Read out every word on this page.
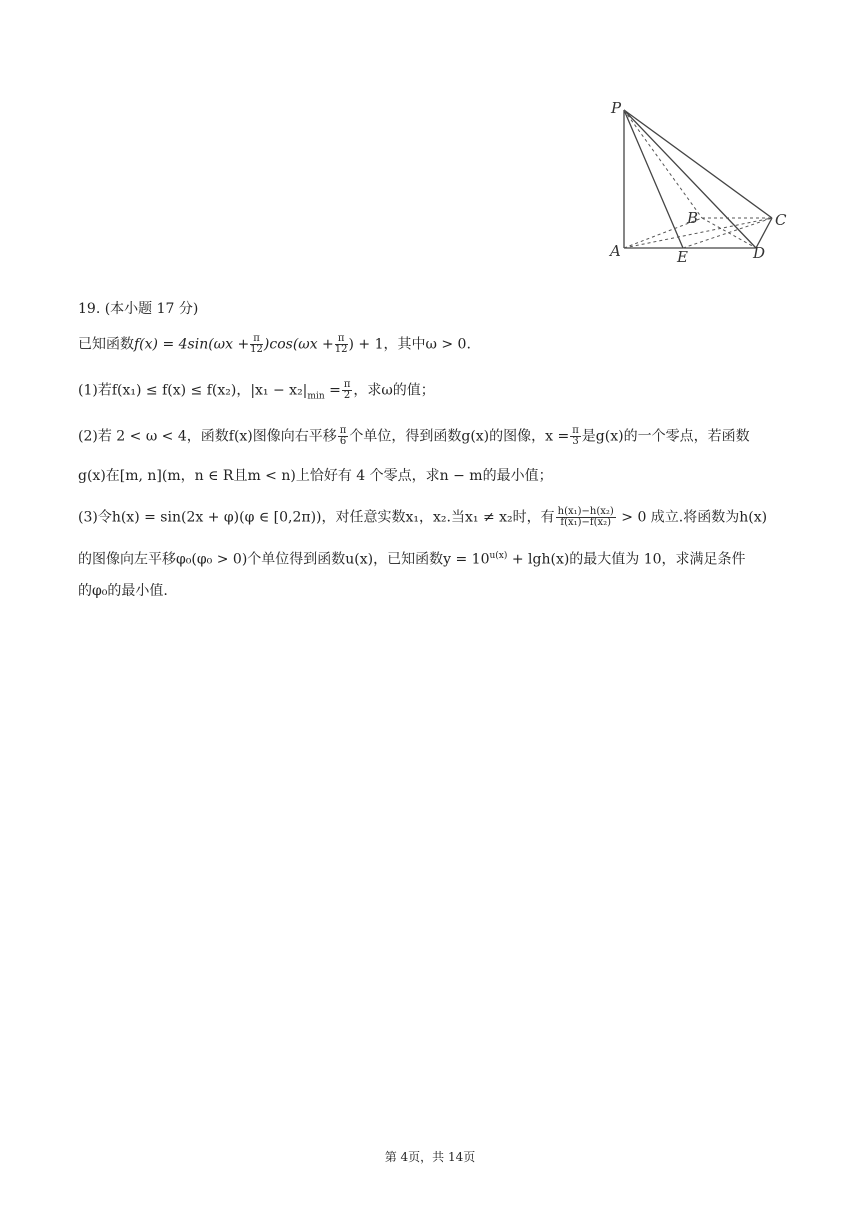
P
A	E	D
B	C
19. (本小题 17 分)
已知函数$f(x) = 4\sin(\omega x + \frac{\pi}{12} )\cos(\omega x + \frac{\pi}{12}$ ) + 1，其中ω > 0.
(1)若f(x₁) ≤ f(x) ≤ f(x₂)，$|x_1 - x_2|_{min} = \frac{\pi}{2}$ ，求ω的值；
(2)若 2 < ω < 4，函数f(x)图像向右平移 $\frac{\pi}{6}$ 个单位，得到函数g(x)的图像，$x = \frac{\pi}{3}$ 是g(x)的一个零点，若函数
g(x)在[m, n](m，n ∈ R且m < n)上恰好有 4 个零点，求n − m的最小值；
(3)令h(x) = sin(2x + φ)(φ ∈ [0,2π))，对任意实数x₁，x₂.当x₁ ≠ x₂时，有 $\frac{\text{h(x₁)−h(x₂)}}{\text{f(x₁)−f(x₂)}} > 0$ 成立.将函数为h(x)
的图像向左平移φ₀(φ₀ > 0)个单位得到函数u(x)，已知函数$y = 10^{u(x)} + \lg h(x)$的最大值为 10，求满足条件
的φ₀的最小值.
第 4页，共 14页
